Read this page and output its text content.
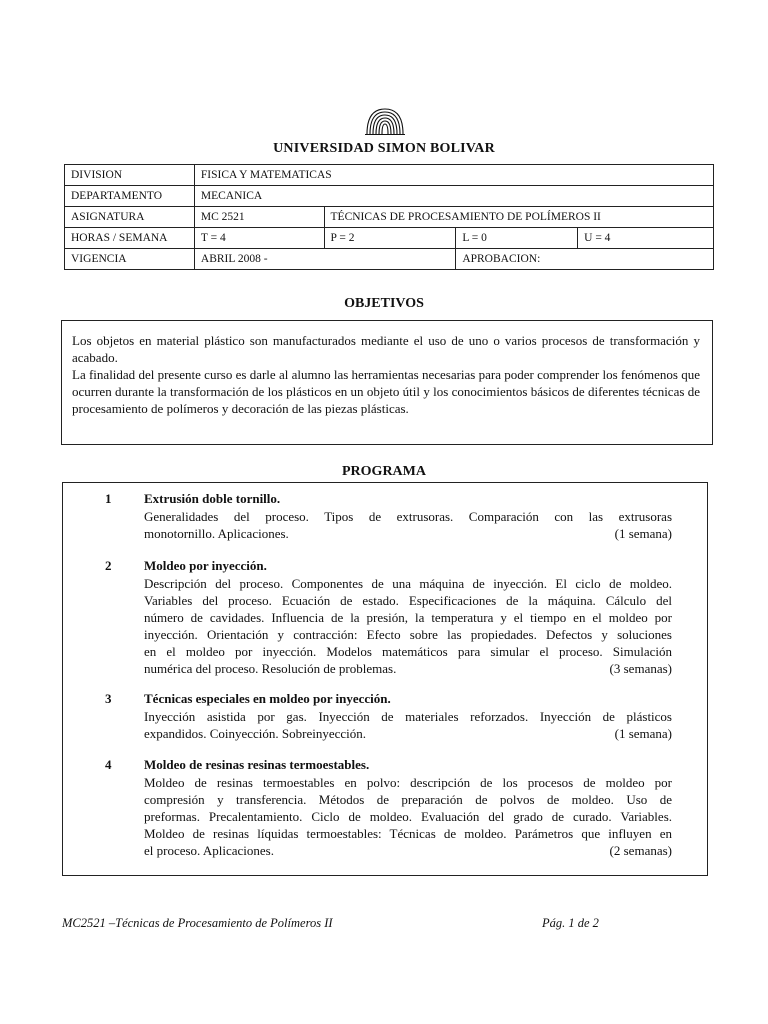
UNIVERSIDAD SIMON BOLIVAR
DIVISION	FISICA Y MATEMATICAS			
DEPARTAMENTO	MECANICA			
ASIGNATURA	MC 2521	TÉCNICAS DE PROCESAMIENTO DE POLÍMEROS II		
HORAS / SEMANA	T = 4	P = 2	L = 0	U = 4
VIGENCIA	ABRIL 2008 -		APROBACION:	
OBJETIVOS

Los objetos en material plástico son manufacturados mediante el uso de uno o varios procesos de transformación y acabado.

La finalidad del presente curso es darle al alumno las herramientas necesarias para poder comprender los fenómenos que ocurren durante la transformación de los plásticos en un objeto útil y los conocimientos básicos de diferentes técnicas de procesamiento de polímeros y decoración de las piezas plásticas.

PROGRAMA
1	Extrusión doble tornillo.
Generalidades del proceso. Tipos de extrusoras. Comparación con las extrusoras
monotornillo. Aplicaciones.	(1 semana)
2	Moldeo por inyección.
Descripción del proceso. Componentes de una máquina de inyección. El ciclo de moldeo.
Variables del proceso. Ecuación de estado. Especificaciones de la máquina. Cálculo del
número de cavidades. Influencia de la presión, la temperatura y el tiempo en el moldeo por
inyección. Orientación y contracción: Efecto sobre las propiedades. Defectos y soluciones
en el moldeo por inyección. Modelos matemáticos para simular el proceso. Simulación
numérica del proceso. Resolución de problemas.	(3 semanas)
3	Técnicas especiales en moldeo por inyección.
Inyección asistida por gas. Inyección de materiales reforzados. Inyección de plásticos
expandidos. Coinyección. Sobreinyección.	(1 semana)
4	Moldeo de resinas resinas termoestables.
Moldeo de resinas termoestables en polvo: descripción de los procesos de moldeo por
compresión y transferencia. Métodos de preparación de polvos de moldeo. Uso de
preformas. Precalentamiento. Ciclo de moldeo. Evaluación del grado de curado. Variables.
Moldeo de resinas líquidas termoestables: Técnicas de moldeo. Parámetros que influyen en
el proceso. Aplicaciones.	(2 semanas)
MC2521 –Técnicas de Procesamiento de Polímeros II	Pág. 1 de 2
